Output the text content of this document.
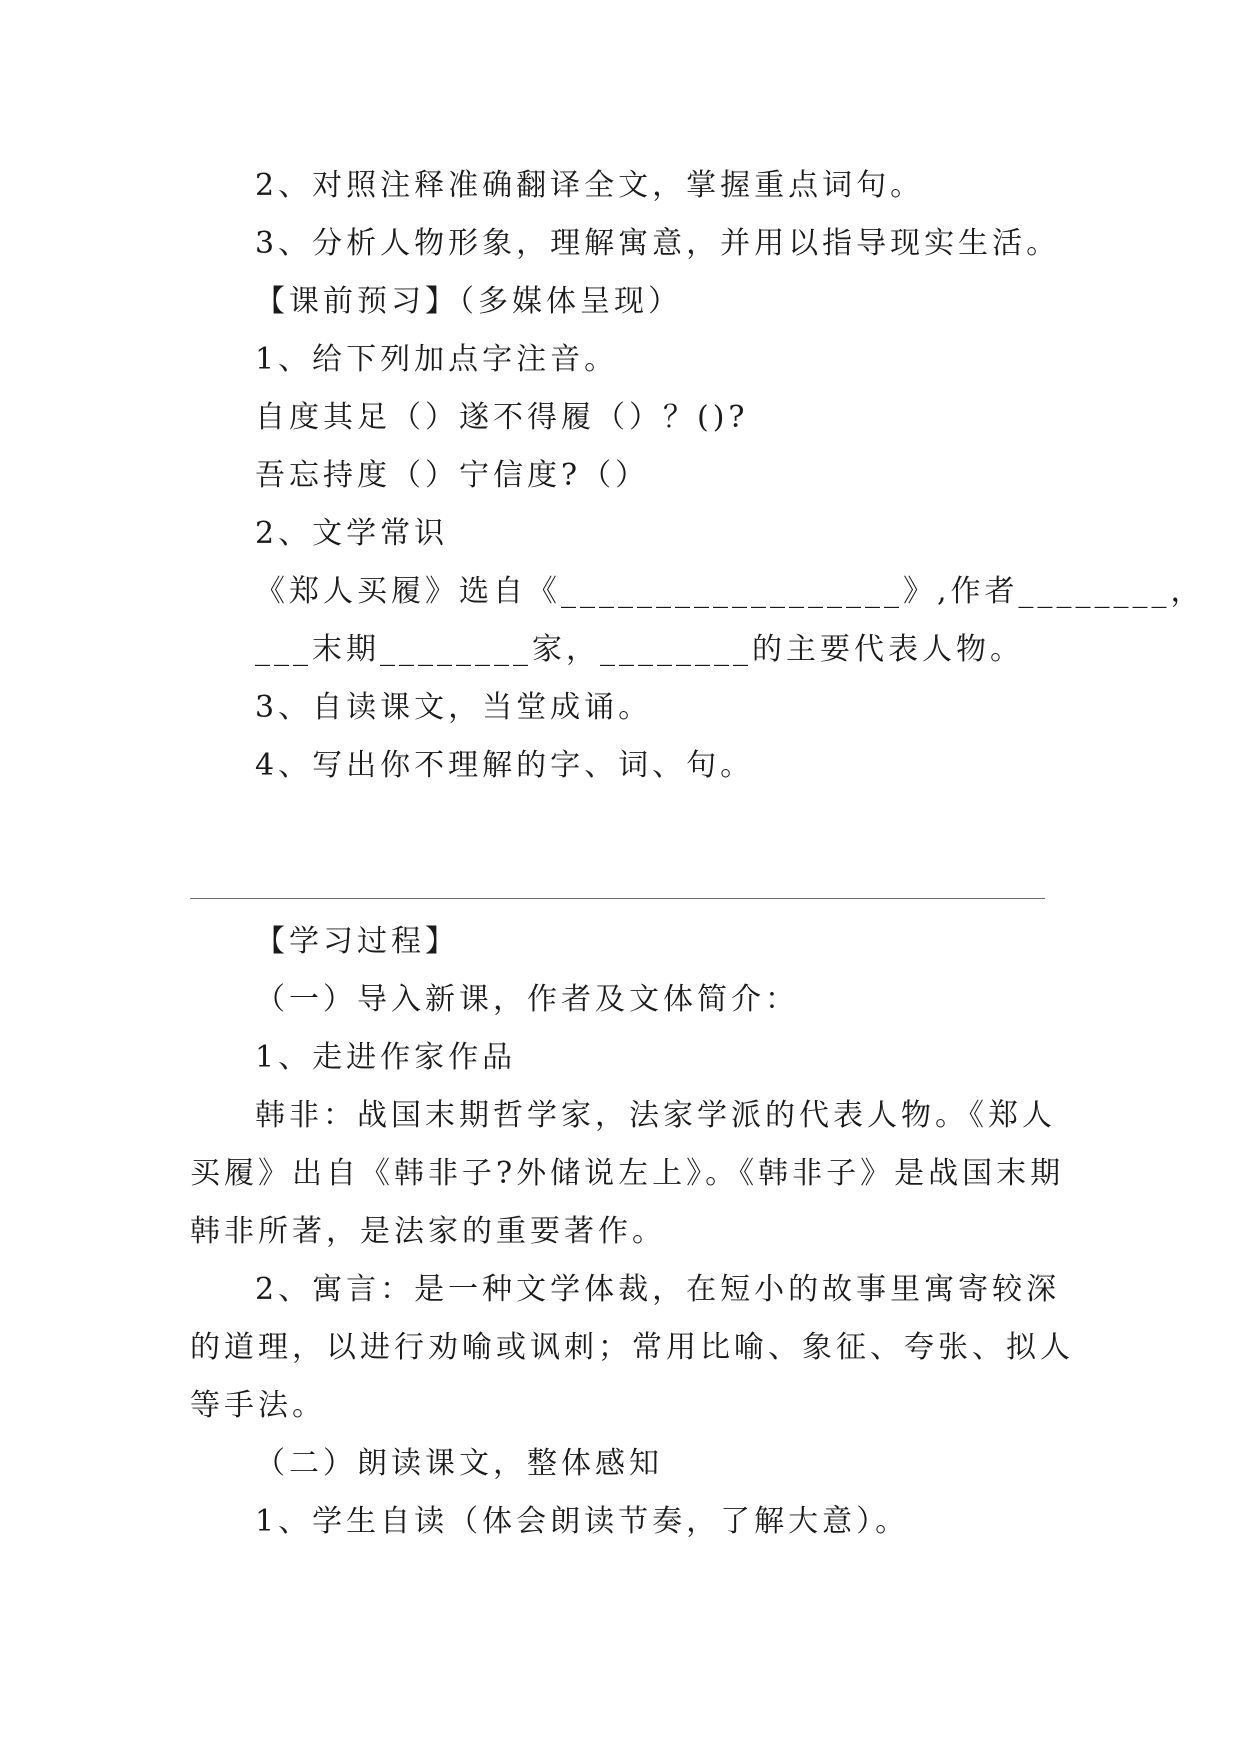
2、对照注释准确翻译全文，掌握重点词句。
3、分析人物形象，理解寓意，并用以指导现实生活。
【课前预习】（多媒体呈现）
1、给下列加点字注音。
自度其足（）遂不得履（）？()?
吾忘持度（）宁信度?（）
2、文学常识
《郑人买履》选自《__________________》,作者________，
___末期________家，________的主要代表人物。
3、自读课文，当堂成诵。
4、写出你不理解的字、词、句。
【学习过程】
（一）导入新课，作者及文体简介：
1、走进作家作品
韩非：战国末期哲学家，法家学派的代表人物。《郑人
买履》出自《韩非子?外储说左上》。《韩非子》是战国末期
韩非所著，是法家的重要著作。
2、寓言：是一种文学体裁，在短小的故事里寓寄较深
的道理，以进行劝喻或讽刺；常用比喻、象征、夸张、拟人
等手法。
（二）朗读课文，整体感知
1、学生自读（体会朗读节奏，了解大意）。
